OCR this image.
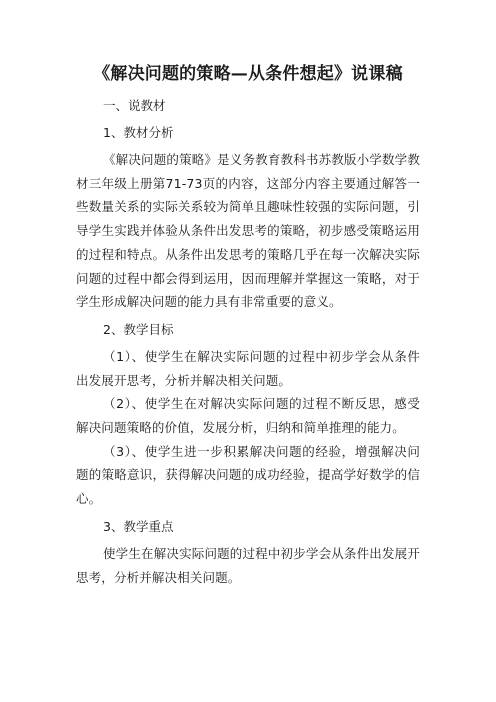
《解决问题的策略—从条件想起》说课稿
一、说教材
1、教材分析
《解决问题的策略》是义务教育教科书苏教版小学数学教材三年级上册第71-73页的内容，这部分内容主要通过解答一些数量关系的实际关系较为简单且趣味性较强的实际问题，引导学生实践并体验从条件出发思考的策略，初步感受策略运用的过程和特点。从条件出发思考的策略几乎在每一次解决实际问题的过程中都会得到运用，因而理解并掌握这一策略，对于学生形成解决问题的能力具有非常重要的意义。
2、教学目标
（1）、使学生在解决实际问题的过程中初步学会从条件出发展开思考，分析并解决相关问题。
（2）、使学生在对解决实际问题的过程不断反思，感受解决问题策略的价值，发展分析，归纳和简单推理的能力。
（3）、使学生进一步积累解决问题的经验，增强解决问题的策略意识，获得解决问题的成功经验，提高学好数学的信心。
3、教学重点
使学生在解决实际问题的过程中初步学会从条件出发展开思考，分析并解决相关问题。
